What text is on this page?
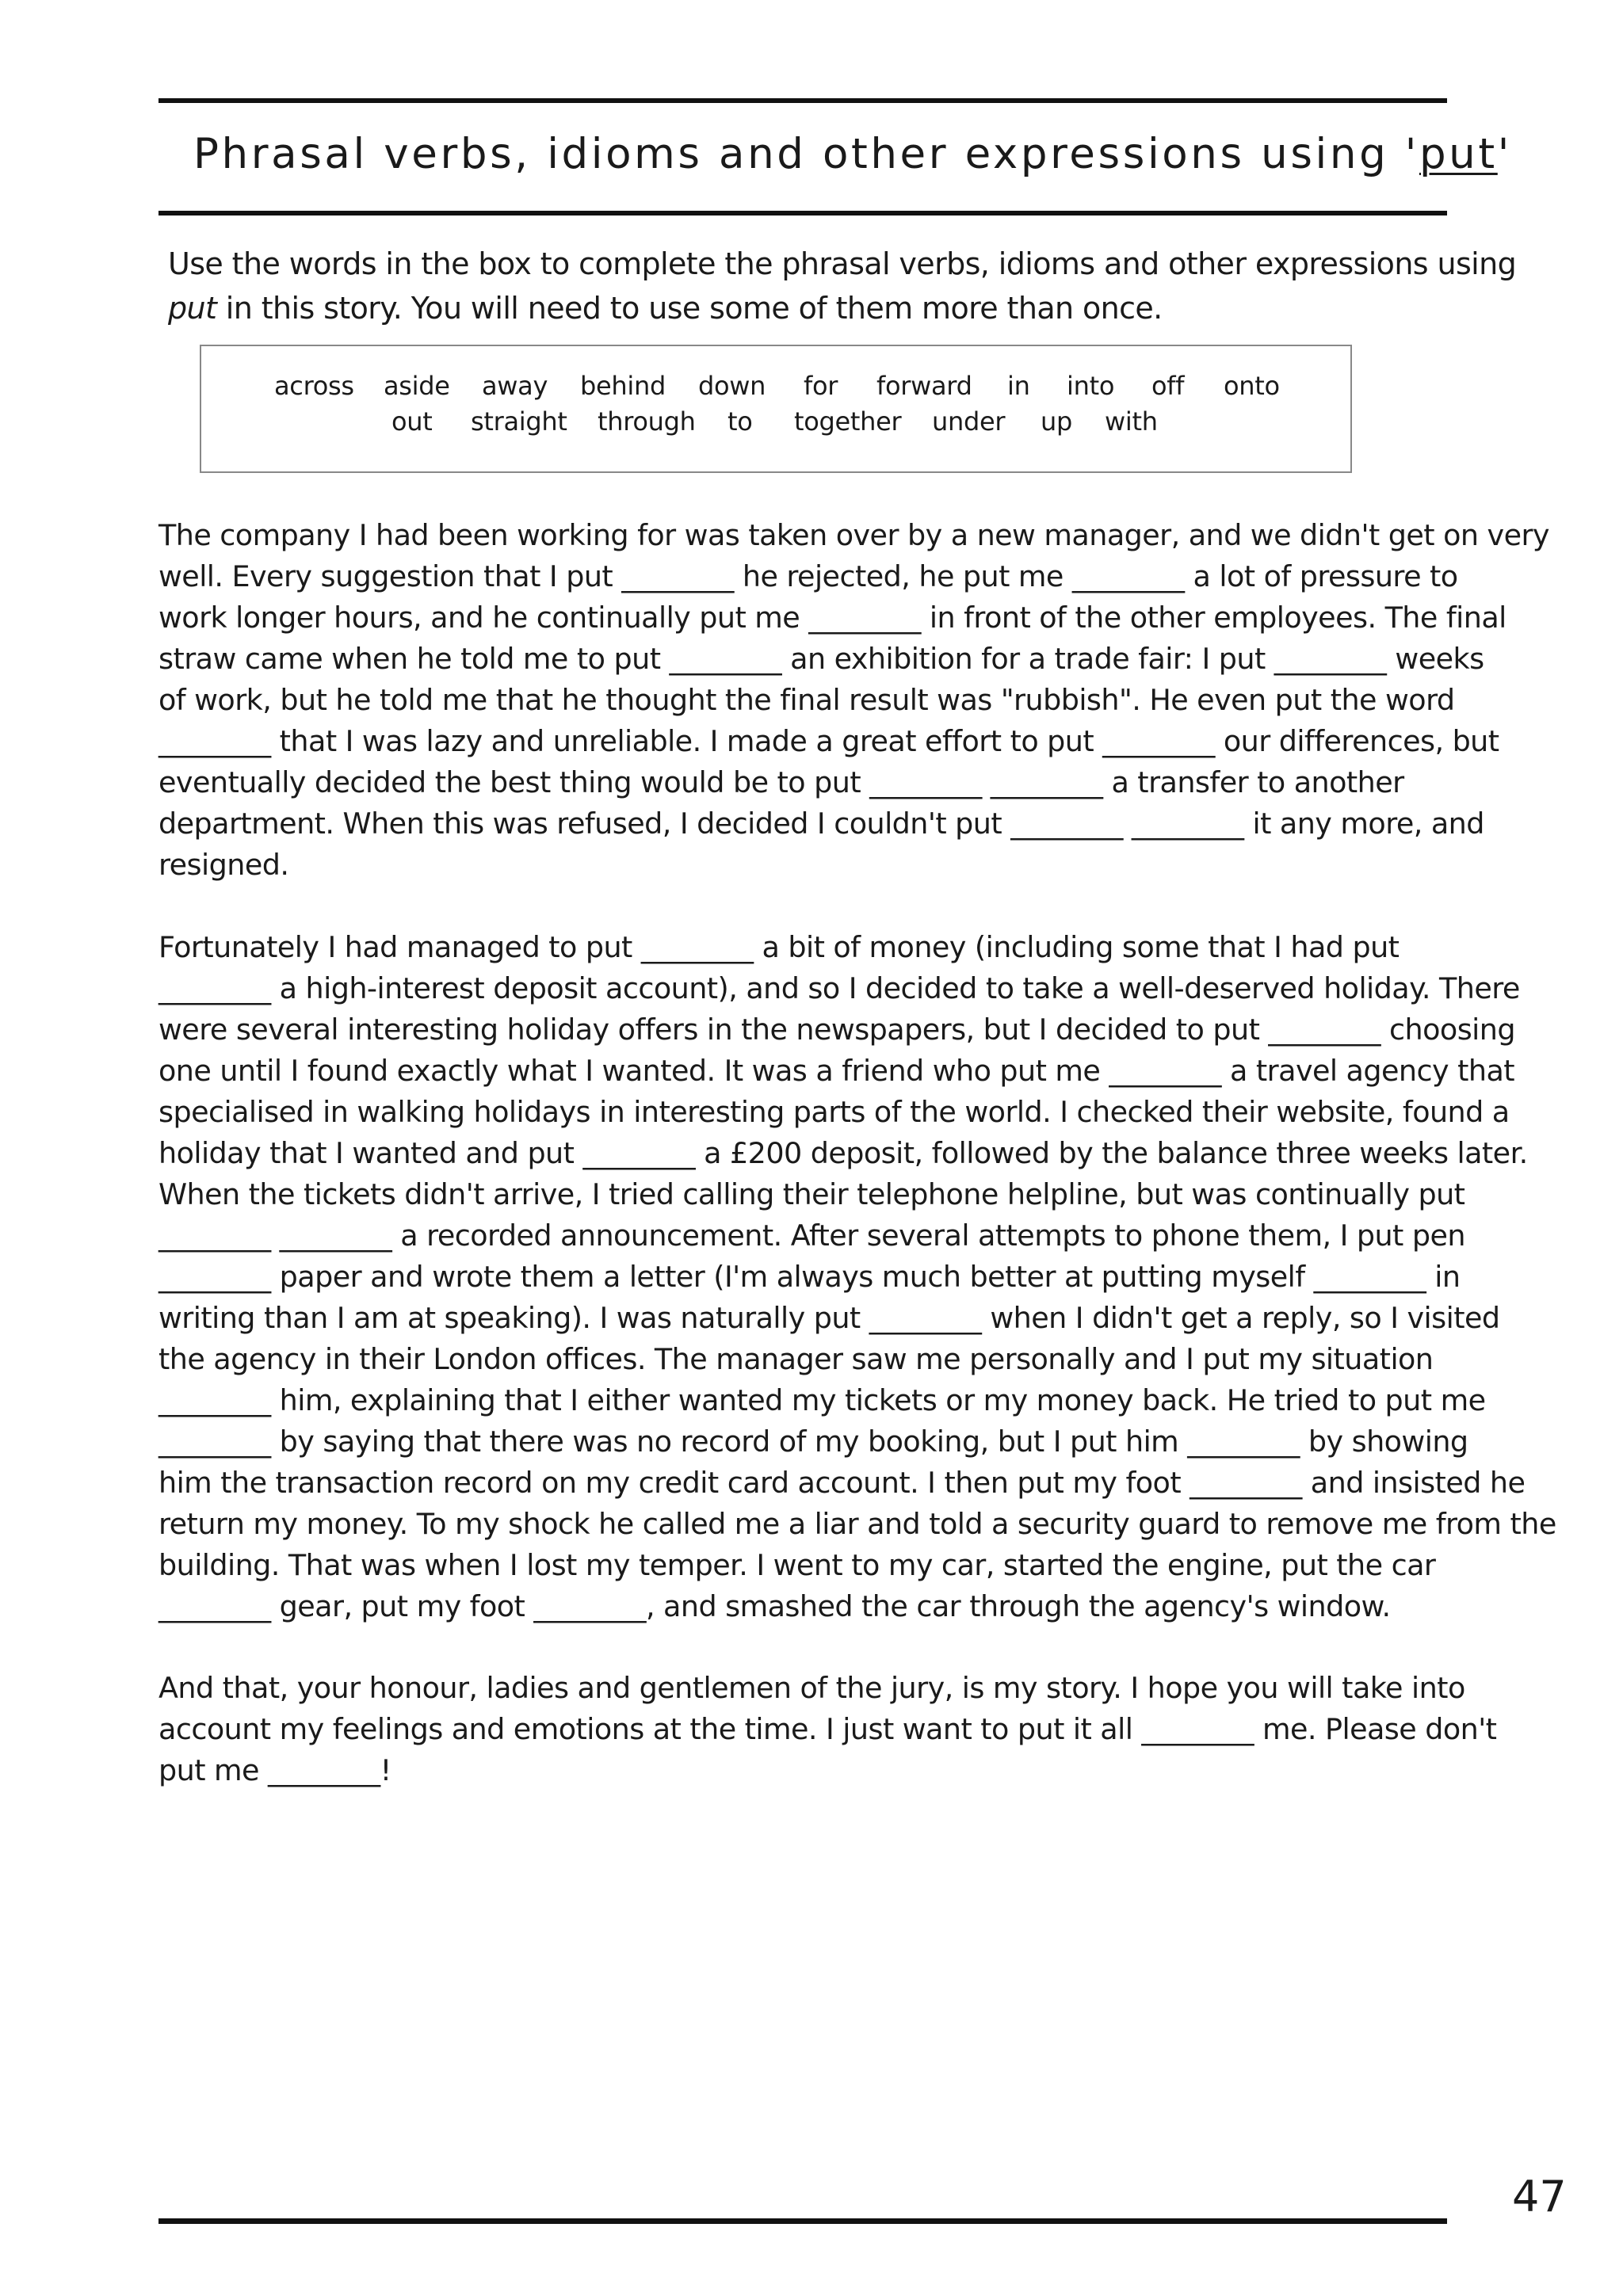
Phrasal verbs, idioms and other expressions using 'put'

Use the words in the box to complete the phrasal verbs, idioms and other expressions using
put in this story. You will need to use some of them more than once.

across aside away behind down for forward in into off onto
out straight through to together under up with

The company I had been working for was taken over by a new manager, and we didn't get on very
well. Every suggestion that I put ________ he rejected, he put me ________ a lot of pressure to
work longer hours, and he continually put me ________ in front of the other employees. The final
straw came when he told me to put ________ an exhibition for a trade fair: I put ________ weeks
of work, but he told me that he thought the final result was "rubbish". He even put the word
________ that I was lazy and unreliable. I made a great effort to put ________ our differences, but
eventually decided the best thing would be to put ________ ________ a transfer to another
department. When this was refused, I decided I couldn't put ________ ________ it any more, and
resigned.

Fortunately I had managed to put ________ a bit of money (including some that I had put
________ a high-interest deposit account), and so I decided to take a well-deserved holiday. There
were several interesting holiday offers in the newspapers, but I decided to put ________ choosing
one until I found exactly what I wanted. It was a friend who put me ________ a travel agency that
specialised in walking holidays in interesting parts of the world. I checked their website, found a
holiday that I wanted and put ________ a £200 deposit, followed by the balance three weeks later.
When the tickets didn't arrive, I tried calling their telephone helpline, but was continually put
________ ________ a recorded announcement. After several attempts to phone them, I put pen
________ paper and wrote them a letter (I'm always much better at putting myself ________ in
writing than I am at speaking). I was naturally put ________ when I didn't get a reply, so I visited
the agency in their London offices. The manager saw me personally and I put my situation
________ him, explaining that I either wanted my tickets or my money back. He tried to put me
________ by saying that there was no record of my booking, but I put him ________ by showing
him the transaction record on my credit card account. I then put my foot ________ and insisted he
return my money. To my shock he called me a liar and told a security guard to remove me from the
building. That was when I lost my temper. I went to my car, started the engine, put the car
________ gear, put my foot ________, and smashed the car through the agency's window.

And that, your honour, ladies and gentlemen of the jury, is my story. I hope you will take into
account my feelings and emotions at the time. I just want to put it all ________ me. Please don't
put me ________!

47
